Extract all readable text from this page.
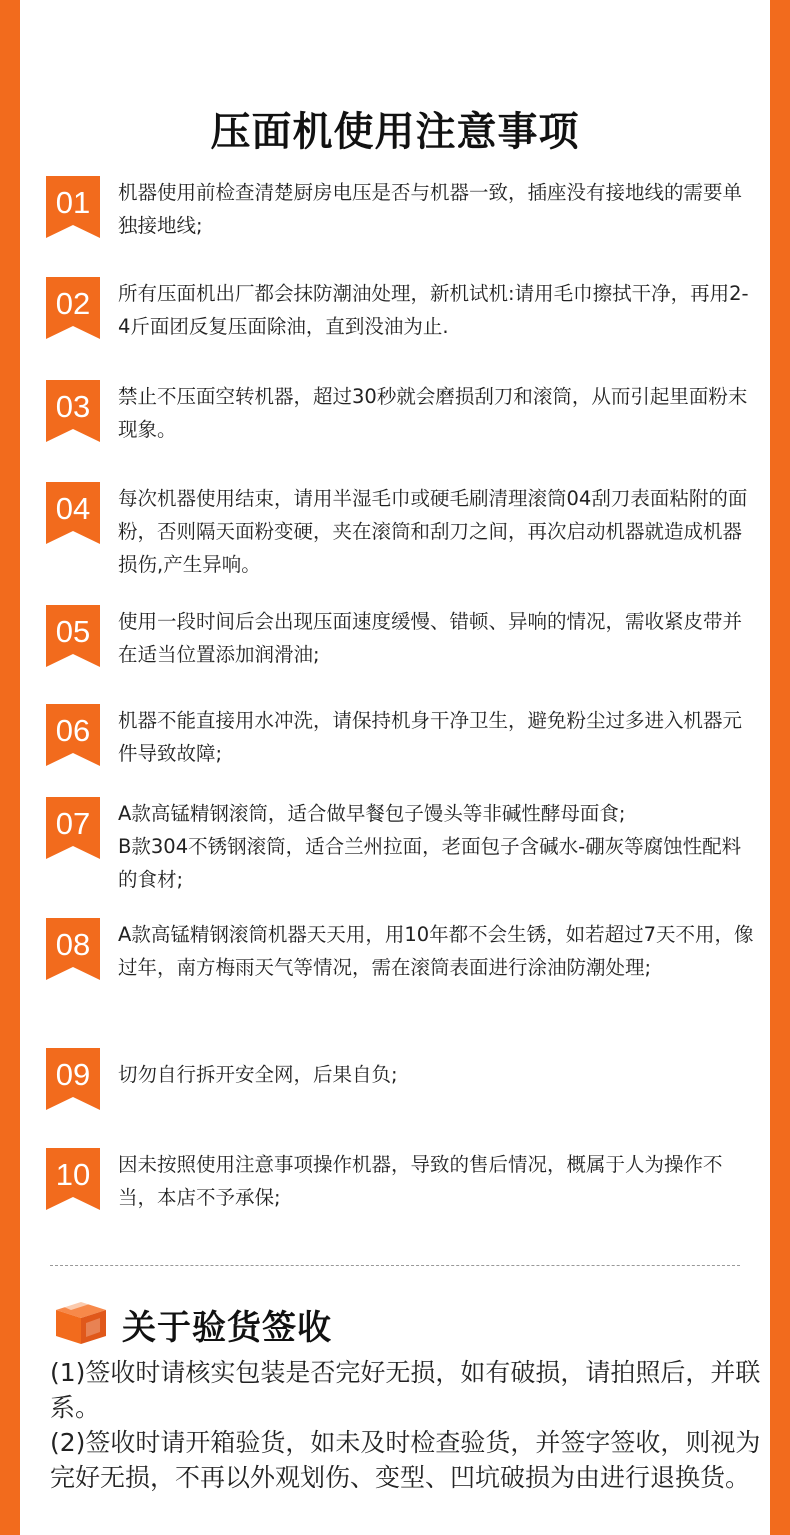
压面机使用注意事项
01	机器使用前检查清楚厨房电压是否与机器一致，插座没有接地线的需要单独接地线;
02	所有压面机出厂都会抹防潮油处理，新机试机:请用毛巾擦拭干净，再用2-4斤面团反复压面除油，直到没油为止.
03	禁止不压面空转机器，超过30秒就会磨损刮刀和滚筒，从而引起里面粉末现象。
04	每次机器使用结束，请用半湿毛巾或硬毛刷清理滚筒04刮刀表面粘附的面粉，否则隔天面粉变硬，夹在滚筒和刮刀之间，再次启动机器就造成机器损伤,产生异响。
05	使用一段时间后会出现压面速度缓慢、错顿、异响的情况，需收紧皮带并在适当位置添加润滑油;
06	机器不能直接用水冲洗，请保持机身干净卫生，避免粉尘过多进入机器元件导致故障;
07	A款高锰精钢滚筒，适合做早餐包子馒头等非碱性酵母面食;
B款304不锈钢滚筒，适合兰州拉面，老面包子含碱水-硼灰等腐蚀性配料的食材;
08	A款高锰精钢滚筒机器天天用，用10年都不会生锈，如若超过7天不用，像过年，南方梅雨天气等情况，需在滚筒表面进行涂油防潮处理;
09	切勿自行拆开安全网，后果自负;
10	因未按照使用注意事项操作机器，导致的售后情况，概属于人为操作不当，本店不予承保;
关于验货签收
(1)签收时请核实包装是否完好无损，如有破损，请拍照后，并联系。
(2)签收时请开箱验货，如未及时检查验货，并签字签收，则视为完好无损，不再以外观划伤、变型、凹坑破损为由进行退换货。
